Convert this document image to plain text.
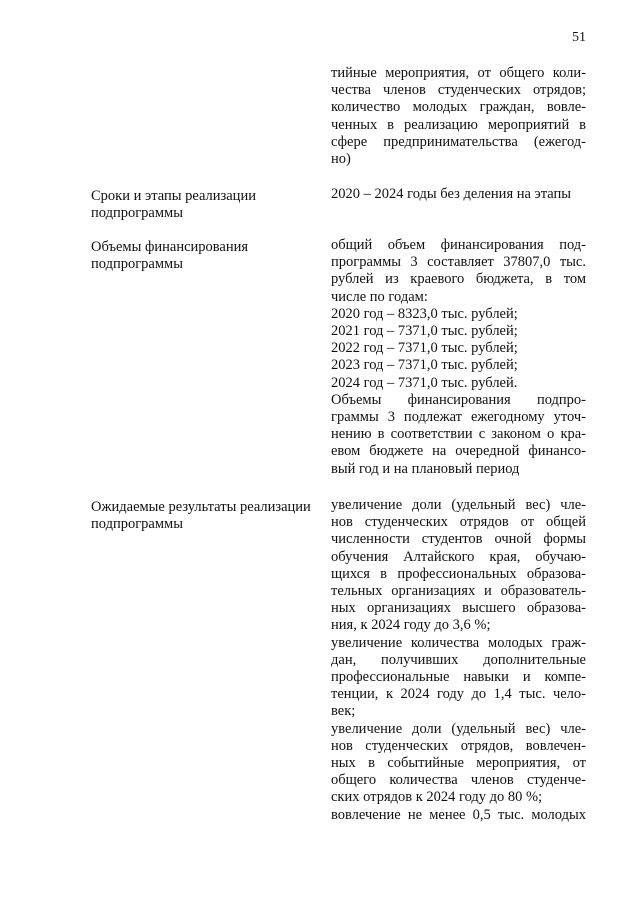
51
тийные мероприятия, от общего коли-
чества членов студенческих отрядов;
количество молодых граждан, вовле-
ченных в реализацию мероприятий в
сфере предпринимательства (ежегод-
но)
Сроки и этапы реализации
подпрограммы
2020 – 2024 годы без деления на этапы
Объемы финансирования
подпрограммы
общий объем финансирования под-
программы 3 составляет 37807,0 тыс.
рублей из краевого бюджета, в том
числе по годам:
2020 год – 8323,0 тыс. рублей;
2021 год – 7371,0 тыс. рублей;
2022 год – 7371,0 тыс. рублей;
2023 год – 7371,0 тыс. рублей;
2024 год – 7371,0 тыс. рублей.
Объемы финансирования подпро-
граммы 3 подлежат ежегодному уточ-
нению в соответствии с законом о кра-
евом бюджете на очередной финансо-
вый год и на плановый период
Ожидаемые результаты реализации
подпрограммы
увеличение доли (удельный вес) чле-
нов студенческих отрядов от общей
численности студентов очной формы
обучения Алтайского края, обучаю-
щихся в профессиональных образова-
тельных организациях и образователь-
ных организациях высшего образова-
ния, к 2024 году до 3,6 %;
увеличение количества молодых граж-
дан, получивших дополнительные
профессиональные навыки и компе-
тенции, к 2024 году до 1,4 тыс. чело-
век;
увеличение доли (удельный вес) чле-
нов студенческих отрядов, вовлечен-
ных в событийные мероприятия, от
общего количества членов студенче-
ских отрядов к 2024 году до 80 %;
вовлечение не менее 0,5 тыс. молодых
